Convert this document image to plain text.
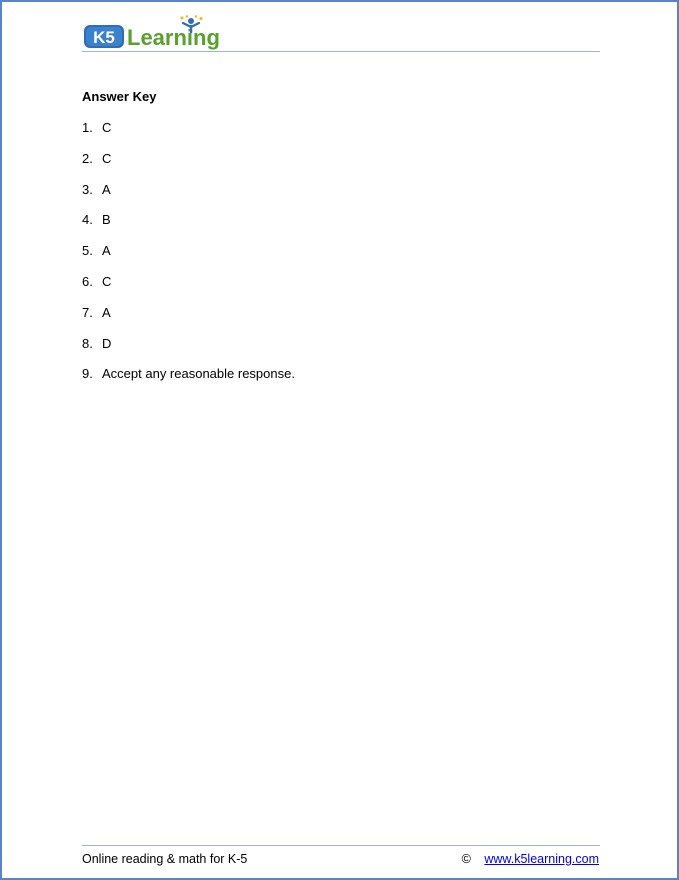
K5 Learning
Answer Key
1. C
2. C
3. A
4. B
5. A
6. C
7. A
8. D
9. Accept any reasonable response.
Online reading & math for K-5	© www.k5learning.com
